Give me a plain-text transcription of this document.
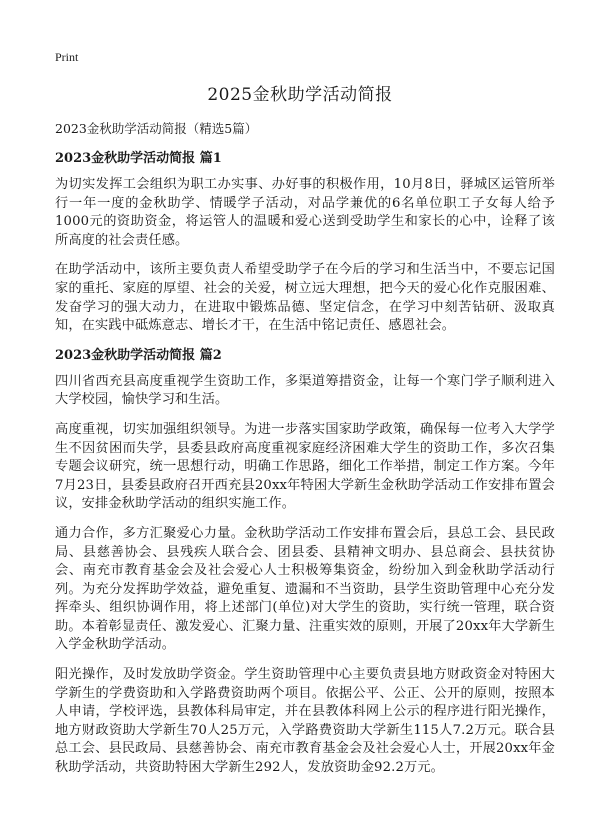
Print
2025金秋助学活动简报

2023金秋助学活动简报（精选5篇）

2023金秋助学活动简报 篇1

为切实发挥工会组织为职工办实事、办好事的积极作用，10月8日，驿城区运管所举行一年一度的金秋助学、情暖学子活动，对品学兼优的6名单位职工子女每人给予1000元的资助资金，将运管人的温暖和爱心送到受助学生和家长的心中，诠释了该所高度的社会责任感。

在助学活动中，该所主要负责人希望受助学子在今后的学习和生活当中，不要忘记国家的重托、家庭的厚望、社会的关爱，树立远大理想，把今天的爱心化作克服困难、发奋学习的强大动力，在进取中锻炼品德、坚定信念，在学习中刻苦钻研、汲取真知，在实践中砥炼意志、增长才干，在生活中铭记责任、感恩社会。

2023金秋助学活动简报 篇2

四川省西充县高度重视学生资助工作，多渠道筹措资金，让每一个寒门学子顺利进入大学校园，愉快学习和生活。

高度重视，切实加强组织领导。为进一步落实国家助学政策，确保每一位考入大学学生不因贫困而失学，县委县政府高度重视家庭经济困难大学生的资助工作，多次召集专题会议研究，统一思想行动，明确工作思路，细化工作举措，制定工作方案。今年7月23日，县委县政府召开西充县20xx年特困大学新生金秋助学活动工作安排布置会议，安排金秋助学活动的组织实施工作。

通力合作，多方汇聚爱心力量。金秋助学活动工作安排布置会后，县总工会、县民政局、县慈善协会、县残疾人联合会、团县委、县精神文明办、县总商会、县扶贫协会、南充市教育基金会及社会爱心人士积极筹集资金，纷纷加入到金秋助学活动行列。为充分发挥助学效益，避免重复、遗漏和不当资助，县学生资助管理中心充分发挥牵头、组织协调作用，将上述部门(单位)对大学生的资助，实行统一管理，联合资助。本着彰显责任、激发爱心、汇聚力量、注重实效的原则，开展了20xx年大学新生入学金秋助学活动。

阳光操作，及时发放助学资金。学生资助管理中心主要负责县地方财政资金对特困大学新生的学费资助和入学路费资助两个项目。依据公平、公正、公开的原则，按照本人申请，学校评选，县教体科局审定，并在县教体科网上公示的程序进行阳光操作，地方财政资助大学新生70人25万元，入学路费资助大学新生115人7.2万元。联合县总工会、县民政局、县慈善协会、南充市教育基金会及社会爱心人士，开展20xx年金秋助学活动，共资助特困大学新生292人，发放资助金92.2万元。
